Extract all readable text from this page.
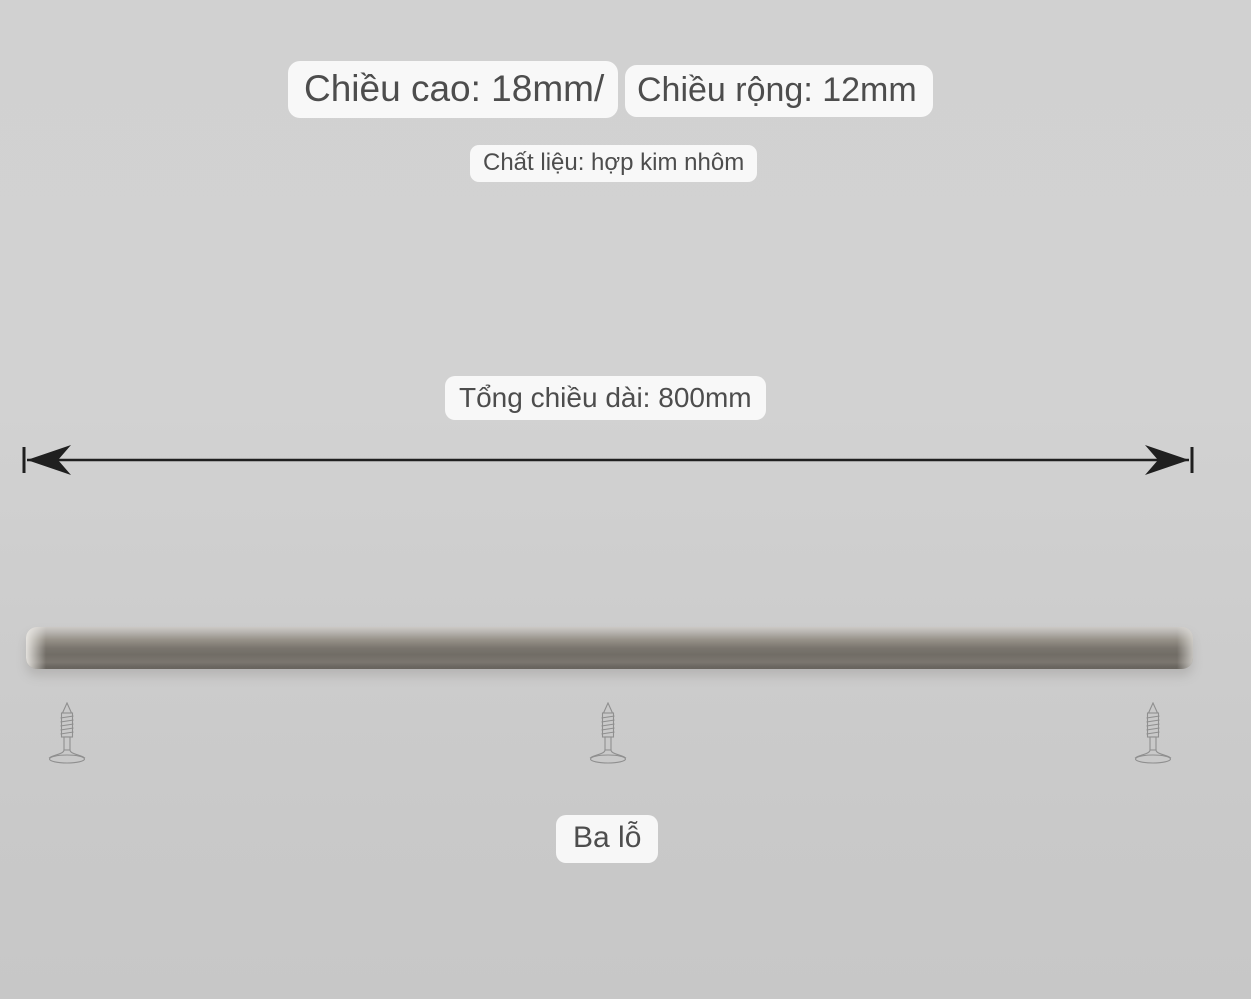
Chiều cao: 18mm/ Chiều rộng: 12mm
Chất liệu: hợp kim nhôm
Tổng chiều dài: 800mm
Ba lỗ
